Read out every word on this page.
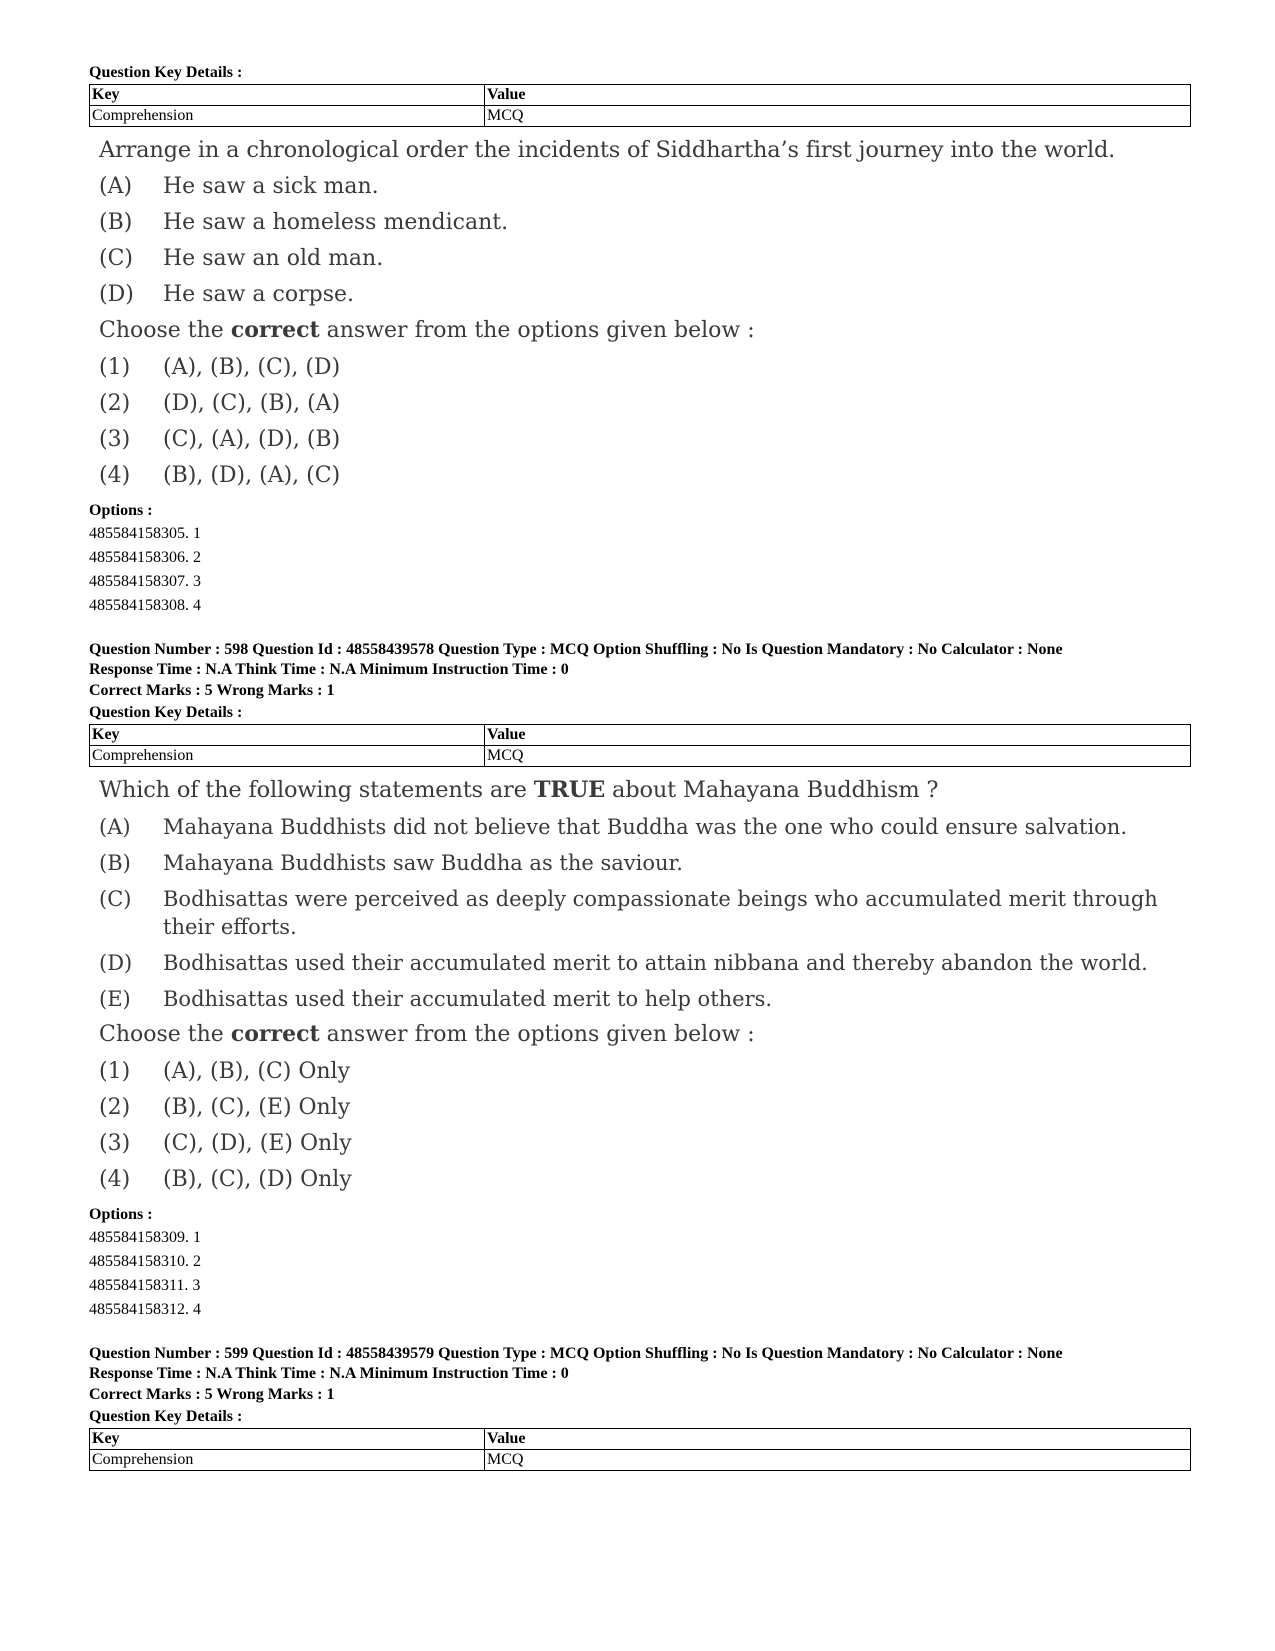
Question Key Details :
Key	Value
Comprehension	MCQ
Arrange in a chronological order the incidents of Siddhartha’s first journey into the world.
(A)	He saw a sick man.
(B)	He saw a homeless mendicant.
(C)	He saw an old man.
(D)	He saw a corpse.
Choose the correct answer from the options given below :
(1)	(A), (B), (C), (D)
(2)	(D), (C), (B), (A)
(3)	(C), (A), (D), (B)
(4)	(B), (D), (A), (C)
Options :
485584158305. 1
485584158306. 2
485584158307. 3
485584158308. 4
Question Number : 598 Question Id : 48558439578 Question Type : MCQ Option Shuffling : No Is Question Mandatory : No Calculator : None
Response Time : N.A Think Time : N.A Minimum Instruction Time : 0
Correct Marks : 5 Wrong Marks : 1
Question Key Details :
Key	Value
Comprehension	MCQ
Which of the following statements are TRUE about Mahayana Buddhism ?
(A)	Mahayana Buddhists did not believe that Buddha was the one who could ensure salvation.
(B)	Mahayana Buddhists saw Buddha as the saviour.
(C)	Bodhisattas were perceived as deeply compassionate beings who accumulated merit through their efforts.
(D)	Bodhisattas used their accumulated merit to attain nibbana and thereby abandon the world.
(E)	Bodhisattas used their accumulated merit to help others.
Choose the correct answer from the options given below :
(1)	(A), (B), (C) Only
(2)	(B), (C), (E) Only
(3)	(C), (D), (E) Only
(4)	(B), (C), (D) Only
Options :
485584158309. 1
485584158310. 2
485584158311. 3
485584158312. 4
Question Number : 599 Question Id : 48558439579 Question Type : MCQ Option Shuffling : No Is Question Mandatory : No Calculator : None
Response Time : N.A Think Time : N.A Minimum Instruction Time : 0
Correct Marks : 5 Wrong Marks : 1
Question Key Details :
Key	Value
Comprehension	MCQ
